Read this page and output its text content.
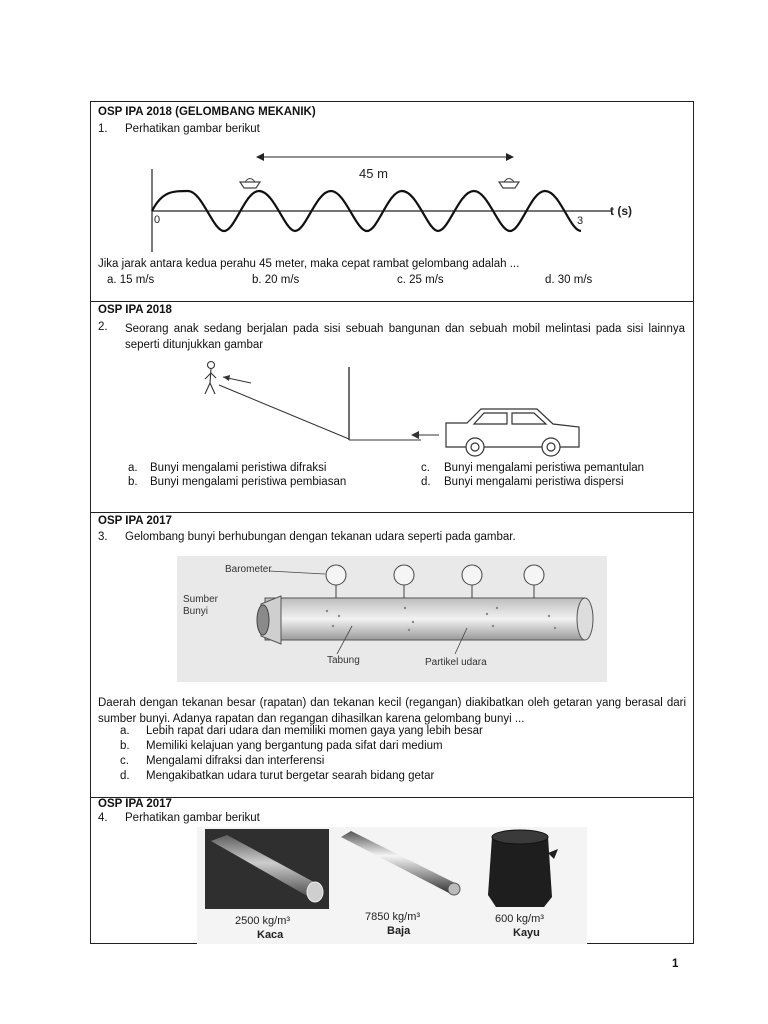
OSP IPA 2018 (GELOMBANG MEKANIK)
1. Perhatikan gambar berikut
45 m
0	3
t (s)
Jika jarak antara kedua perahu 45 meter, maka cepat rambat gelombang adalah ...
a. 15 m/s	b. 20 m/s	c. 25 m/s	d. 30 m/s
OSP IPA 2018
2. Seorang anak sedang berjalan pada sisi sebuah bangunan dan sebuah mobil melintasi pada sisi lainnya seperti ditunjukkan gambar
a. Bunyi mengalami peristiwa difraksi
b. Bunyi mengalami peristiwa pembiasan
c. Bunyi mengalami peristiwa pemantulan
d. Bunyi mengalami peristiwa dispersi
OSP IPA 2017
3. Gelombang bunyi berhubungan dengan tekanan udara seperti pada gambar.
Barometer
Sumber
Bunyi
Tabung	Partikel udara
Daerah dengan tekanan besar (rapatan) dan tekanan kecil (regangan) diakibatkan oleh getaran yang berasal dari sumber bunyi. Adanya rapatan dan regangan dihasilkan karena gelombang bunyi ...
a. Lebih rapat dari udara dan memiliki momen gaya yang lebih besar
b. Memiliki kelajuan yang bergantung pada sifat dari medium
c. Mengalami difraksi dan interferensi
d. Mengakibatkan udara turut bergetar searah bidang getar
OSP IPA 2017
4. Perhatikan gambar berikut
2500 kg/m³
Kaca
7850 kg/m³
Baja
600 kg/m³
Kayu
1
